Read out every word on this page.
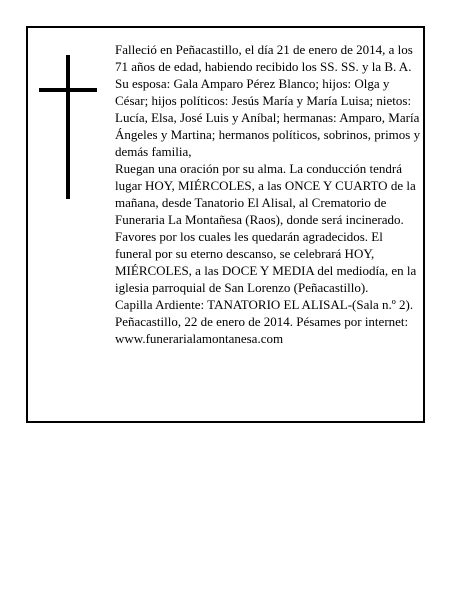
Falleció en Peñacastillo, el día 21 de enero de 2014, a los 71 años de edad, habiendo recibido los SS. SS. y la B. A.

Su esposa: Gala Amparo Pérez Blanco; hijos: Olga y César; hijos políticos: Jesús María y María Luisa; nietos: Lucía, Elsa, José Luis y Aníbal; hermanas: Amparo, María Ángeles y Martina; hermanos políticos, sobrinos, primos y demás familia,

Ruegan una oración por su alma. La conducción tendrá lugar HOY, MIÉRCOLES, a las ONCE Y CUARTO de la mañana, desde Tanatorio El Alisal, al Crematorio de Funeraria La Montañesa (Raos), donde será incinerado. Favores por los cuales les quedarán agradecidos. El funeral por su eterno descanso, se celebrará HOY, MIÉRCOLES, a las DOCE Y MEDIA del mediodía, en la iglesia parroquial de San Lorenzo (Peñacastillo).

Capilla Ardiente: TANATORIO EL ALISAL-(Sala n.º 2).

Peñacastillo, 22 de enero de 2014. Pésames por internet: www.funerarialamontanesa.com
